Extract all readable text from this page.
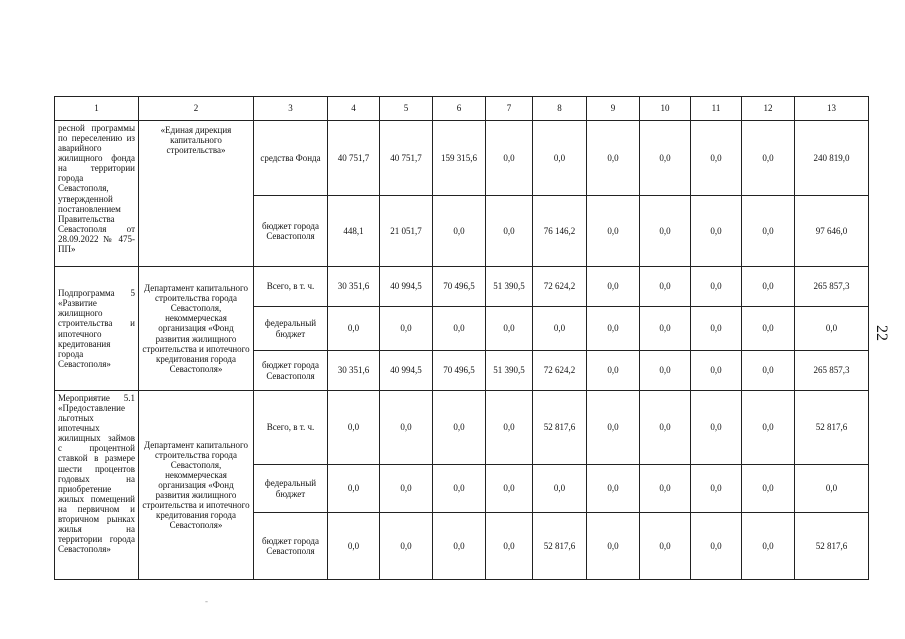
1	2	3	4	5	6	7	8	9	10	11	12	13
ресной программы по переселению из аварийного жилищного фонда на территории города Севастополя, утвержденной постановлением Правительства Севастополя от 28.09.2022 № 475-ПП»	«Единая дирекция капитального строительства»	средства Фонда	40 751,7	40 751,7	159 315,6	0,0	0,0	0,0	0,0	0,0	0,0	240 819,0
		бюджет города Севастополя	448,1	21 051,7	0,0	0,0	76 146,2	0,0	0,0	0,0	0,0	97 646,0
Подпрограмма 5 «Развитие жилищного строительства и ипотечного кредитования города Севастополя»	Департамент капитального строительства города Севастополя, некоммерческая организация «Фонд развития жилищного строительства и ипотечного кредитования города Севастополя»	Всего, в т. ч.	30 351,6	40 994,5	70 496,5	51 390,5	72 624,2	0,0	0,0	0,0	0,0	265 857,3
		федеральный бюджет	0,0	0,0	0,0	0,0	0,0	0,0	0,0	0,0	0,0	0,0
		бюджет города Севастополя	30 351,6	40 994,5	70 496,5	51 390,5	72 624,2	0,0	0,0	0,0	0,0	265 857,3
Мероприятие 5.1 «Предоставление льготных ипотечных жилищных займов с процентной ставкой в размере шести процентов годовых на приобретение жилых помещений на первичном и вторичном рынках жилья на территории города Севастополя»	Департамент капитального строительства города Севастополя, некоммерческая организация «Фонд развития жилищного строительства и ипотечного кредитования города Севастополя»	Всего, в т. ч.	0,0	0,0	0,0	0,0	52 817,6	0,0	0,0	0,0	0,0	52 817,6
		федеральный бюджет	0,0	0,0	0,0	0,0	0,0	0,0	0,0	0,0	0,0	0,0
		бюджет города Севастополя	0,0	0,0	0,0	0,0	52 817,6	0,0	0,0	0,0	0,0	52 817,6
22
-
